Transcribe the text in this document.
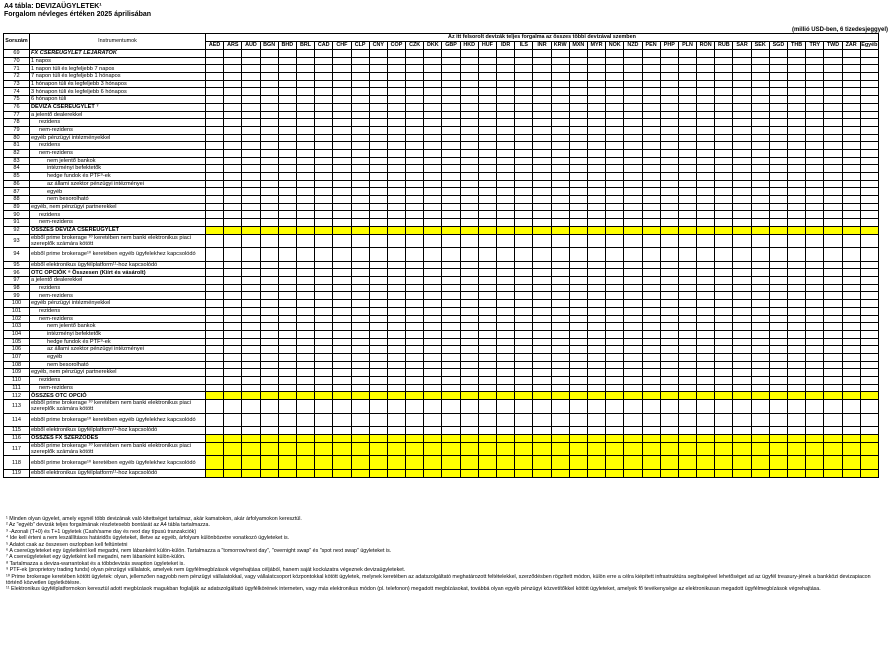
A4 tábla: DEVIZAÜGYLETEK¹
Forgalom névleges értéken 2025 áprilisában
(millió USD-ben, 6 tizedesjeggyel)
Sorszám	Instrumentumok	Az itt felsorolt devizák teljes forgalma az összes többi devizával szemben																																				
		AED	ARS	AUD	BGN	BHD	BRL	CAD	CHF	CLP	CNY	COP	CZK	DKK	GBP	HKD	HUF	IDR	ILS	INR	KRW	MXN	MYR	NOK	NZD	PEN	PHP	PLN	RON	RUB	SAR	SEK	SGD	THB	TRY	TWD	ZAR	Egyéb
69	FX CSEREÜGYLET LEJÁRATOK																																					
70	1 napos																																					
71	1 napon túli és legfeljebb 7 napos																																					
72	7 napon túli és legfeljebb 1 hónapos																																					
73	1 hónapon túli és legfeljebb 3 hónapos																																					
74	3 hónapon túli és legfeljebb 6 hónapos																																					
75	6 hónapon túli																																					
76	DEVIZA CSEREÜGYLET ⁷																																					
77	a jelentő dealerekkel																																					
78	rezidens																																					
79	nem-rezidens																																					
80	egyéb pénzügyi intézményekkel																																					
81	rezidens																																					
82	nem-rezidens																																					
83	nem jelentő bankok																																					
84	intézményi befektetők																																					
85	hedge fundok és PTF⁹-ek																																					
86	az állami szektor pénzügyi intézményei																																					
87	egyéb																																					
88	nem besorolható																																					
89	egyéb, nem pénzügyi partnerekkel																																					
90	rezidens																																					
91	nem-rezidens																																					
92	ÖSSZES DEVIZA CSEREÜGYLET																																					
93	ebből prime brokerage ¹⁰ keretében nem banki elektronikus piaci szereplők számára kötött																																					
94	ebből prime brokerage¹⁰ keretében egyéb ügyfelekhez kapcsolódó																																					
95	ebből elektronikus ügyfélplatform¹¹-hoz kapcsolódó																																					
96	OTC OPCIÓK ⁸ Összesen (Kiírt és vásárolt)																																					
97	a jelentő dealerekkel																																					
98	rezidens																																					
99	nem-rezidens																																					
100	egyéb pénzügyi intézményekkel																																					
101	rezidens																																					
102	nem-rezidens																																					
103	nem jelentő bankok																																					
104	intézményi befektetők																																					
105	hedge fundok és PTF⁹-ek																																					
106	az állami szektor pénzügyi intézményei																																					
107	egyéb																																					
108	nem besorolható																																					
109	egyéb, nem pénzügyi partnerekkel																																					
110	rezidens																																					
111	nem-rezidens																																					
112	ÖSSZES OTC OPCIÓ																																					
113	ebből prime brokerage ¹⁰ keretében nem banki elektronikus piaci szereplők számára kötött																																					
114	ebből prime brokerage¹⁰ keretében egyéb ügyfelekhez kapcsolódó																																					
115	ebből elektronikus ügyfélplatform¹¹-hoz kapcsolódó																																					
116	ÖSSZES FX SZERZŐDÉS																																					
117	ebből prime brokerage ¹⁰ keretében nem banki elektronikus piaci szereplők számára kötött																																					
118	ebből prime brokerage¹⁰ keretében egyéb ügyfelekhez kapcsolódó																																					
119	ebből elektronikus ügyfélplatform¹¹-hoz kapcsolódó																																					
¹ Minden olyan ügyelet, amely egynél több devizának való kitettséget tartalmaz, akár kamatokon, akár árfolyamokon keresztül.
² Az "egyéb" devizák teljes forgalmának részletesebb bontását az A4 tábla tartalmazza.
³ -Azonali (T+0) és T+1 ügyletek (Cash/same day és next day típusú tranzakciók)
⁴ Ide kell érteni a nem leszállításos határidős ügyleteket, illetve az egyéb, árfolyam különbözetre vonatkozó ügyleteket is.
⁵ Adatot csak az összesen oszlopban kell feltüntetni
⁶ A csereügyleteket egy ügyletként kell megadni, nem lábanként külön-külön. Tartalmazza a "tomorrow/next day", "overnight swap" és "spot next swap" ügyleteket is.
⁷ A csereügyleteket egy ügyletként kell megadni, nem lábanként külön-külön.
⁸ Tartalmazza a deviza-warrantokat és a többdevizás swaption ügyleteket is.
⁹ PTF-ek (proprietory trading funds) olyan pénzügyi vállalatok, amelyek nem ügyfélmegbízások végrehajtása céljából, hanem saját kockázatra végeznek devizaügyleteket.
¹⁰ Prime brokerage keretében kötött ügyletek: olyan, jellemzően nagyobb nem pénzügyi vállalatokkal, vagy vállalatcsoport központokkal kötött ügyletek, melynek keretében az adatszolgáltató meghatározott feltételekkel, szerződésben rögzített módon, külön erre a célra kiépített infrastruktúra segítségével lehetőséget ad az ügyfél treasury-jének a bankközi devizapiacon történő közvetlen ügyletkötésre.
¹¹ Elektronikus ügyfélplatformokon keresztül adott megbízások magukban foglalják az adatszolgáltató ügyfélkörének interneten, vagy más elektronikus módon (pl. telefonon) megadott megbízásokat, továbbá olyan egyéb pénzügyi közvetítőkkel kötött ügyleteket, amelyek fő tevékenysége az elektronikusan megadott ügyfélmegbízások végrehajtása.
